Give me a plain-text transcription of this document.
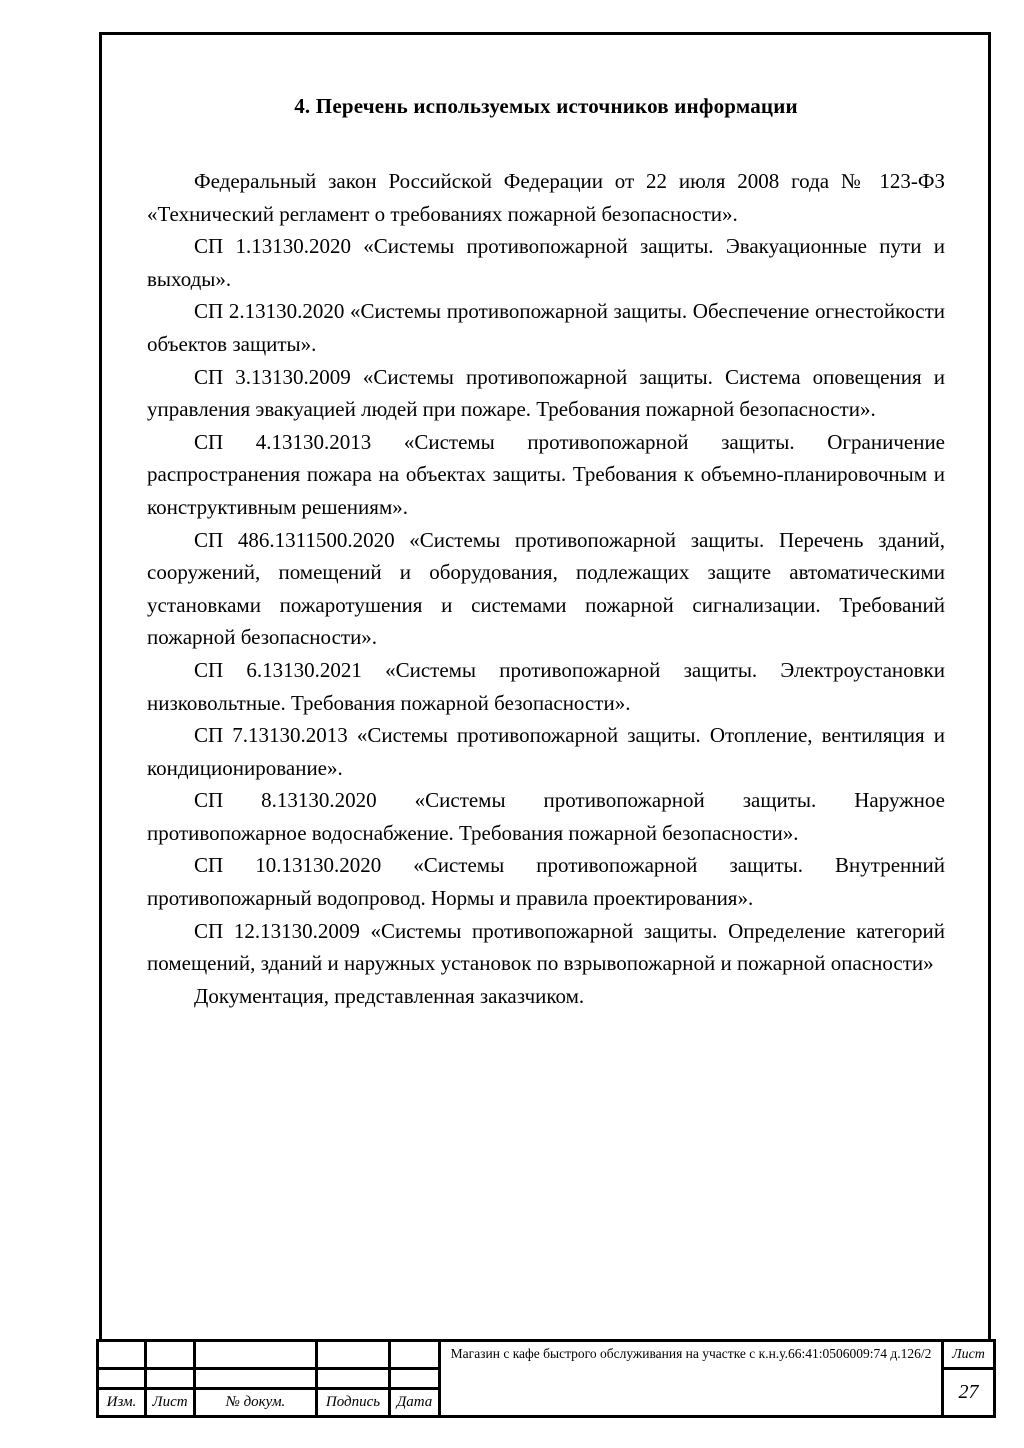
4. Перечень используемых источников информации

Федеральный закон Российской Федерации от 22 июля 2008 года № 123-ФЗ «Технический регламент о требованиях пожарной безопасности».

СП 1.13130.2020 «Системы противопожарной защиты. Эвакуационные пути и выходы».

СП 2.13130.2020 «Системы противопожарной защиты. Обеспечение огнестойкости объектов защиты».

СП 3.13130.2009 «Системы противопожарной защиты. Система оповещения и управления эвакуацией людей при пожаре. Требования пожарной безопасности».

СП 4.13130.2013 «Системы противопожарной защиты. Ограничение распространения пожара на объектах защиты. Требования к объемно-планировочным и конструктивным решениям».

СП 486.1311500.2020 «Системы противопожарной защиты. Перечень зданий, сооружений, помещений и оборудования, подлежащих защите автоматическими установками пожаротушения и системами пожарной сигнализации. Требований пожарной безопасности».

СП 6.13130.2021 «Системы противопожарной защиты. Электроустановки низковольтные. Требования пожарной безопасности».

СП 7.13130.2013 «Системы противопожарной защиты. Отопление, вентиляция и кондиционирование».

СП 8.13130.2020 «Системы противопожарной защиты. Наружное противопожарное водоснабжение. Требования пожарной безопасности».

СП 10.13130.2020 «Системы противопожарной защиты. Внутренний противопожарный водопровод. Нормы и правила проектирования».

СП 12.13130.2009 «Системы противопожарной защиты. Определение категорий помещений, зданий и наружных установок по взрывопожарной и пожарной опасности»

Документация, представленная заказчиком.

Магазин с кафе быстрого обслуживания на участке с к.н.у.66:41:0506009:74 д.126/2	Лист
27
Изм.	Лист	№ докум.	Подпись	Дата
